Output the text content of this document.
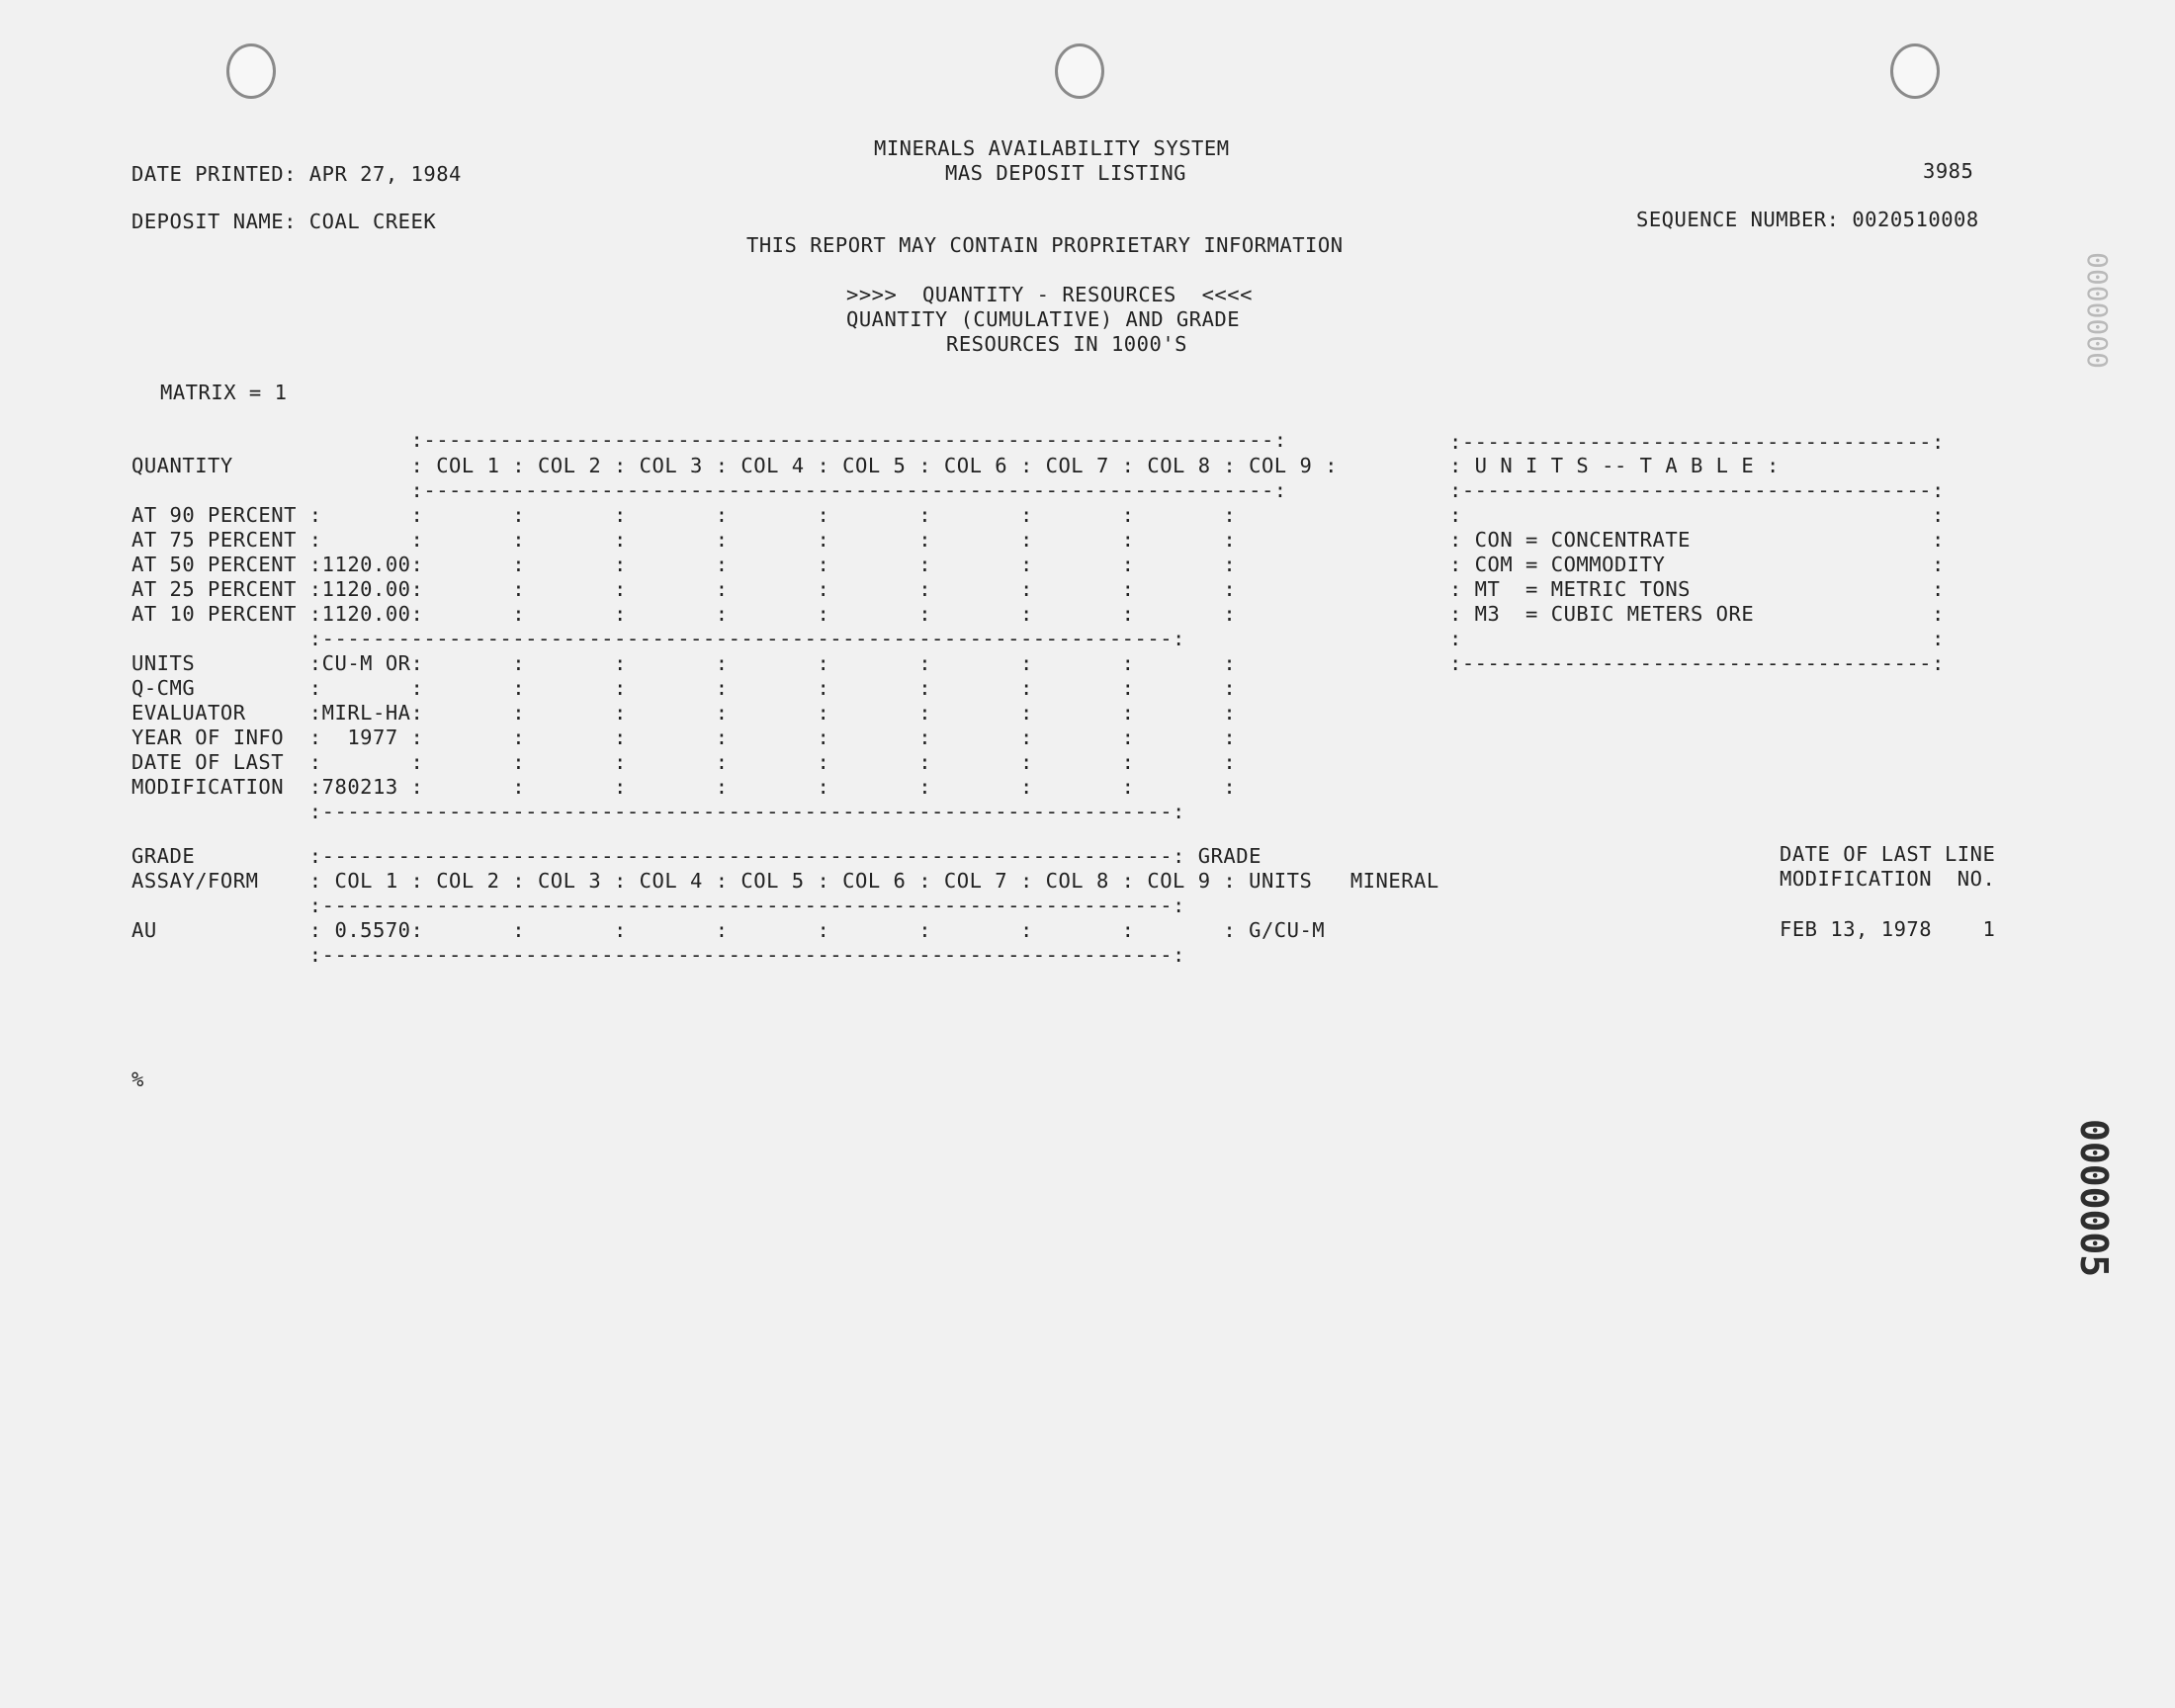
MINERALS AVAILABILITY SYSTEM
MAS DEPOSIT LISTING
DATE PRINTED: APR 27, 1984	3985
DEPOSIT NAME: COAL CREEK	SEQUENCE NUMBER: 0020510008
THIS REPORT MAY CONTAIN PROPRIETARY INFORMATION
>>>>  QUANTITY - RESOURCES  <<<<
QUANTITY (CUMULATIVE) AND GRADE
RESOURCES IN 1000'S
MATRIX = 1
:-------------------------------------------------------------------:
QUANTITY              : COL 1 : COL 2 : COL 3 : COL 4 : COL 5 : COL 6 : COL 7 : COL 8 : COL 9 :
:-------------------------------------------------------------------:
AT 90 PERCENT :       :       :       :       :       :       :       :       :       :
AT 75 PERCENT :       :       :       :       :       :       :       :       :       :
AT 50 PERCENT :1120.00:       :       :       :       :       :       :       :       :
AT 25 PERCENT :1120.00:       :       :       :       :       :       :       :       :
AT 10 PERCENT :1120.00:       :       :       :       :       :       :       :       :
:-------------------------------------------------------------------:
UNITS         :CU-M OR:       :       :       :       :       :       :       :       :
Q-CMG         :       :       :       :       :       :       :       :       :       :
EVALUATOR     :MIRL-HA:       :       :       :       :       :       :       :       :
YEAR OF INFO  :  1977 :       :       :       :       :       :       :       :       :
DATE OF LAST  :       :       :       :       :       :       :       :       :       :
MODIFICATION  :780213 :       :       :       :       :       :       :       :       :
:-------------------------------------------------------------------:
:-------------------------------------:
: U N I T S -- T A B L E :
:-------------------------------------:
:                                     :
: CON = CONCENTRATE                   :
: COM = COMMODITY                     :
: MT  = METRIC TONS                   :
: M3  = CUBIC METERS ORE              :
:                                     :
:-------------------------------------:
GRADE         :-------------------------------------------------------------------: GRADE
ASSAY/FORM    : COL 1 : COL 2 : COL 3 : COL 4 : COL 5 : COL 6 : COL 7 : COL 8 : COL 9 : UNITS   MINERAL
:-------------------------------------------------------------------:
AU            : 0.5570:       :       :       :       :       :       :       :       : G/CU-M
:-------------------------------------------------------------------:
DATE OF LAST LINE
MODIFICATION  NO.
FEB 13, 1978    1
%
0000000
0000005
